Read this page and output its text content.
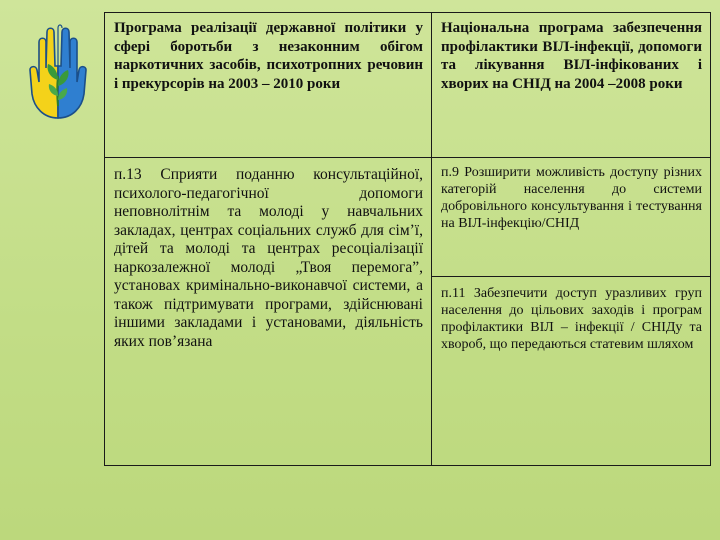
Програма реалізації державної політики у сфері боротьби з незаконним обігом наркотичних засобів, психотропних речовин і прекурсорів на 2003 – 2010 роки
Національна програма забезпечення профілактики ВІЛ-інфекції, допомоги та лікування ВІЛ-інфікованих і хворих на СНІД на 2004 –2008 роки
п.13 Сприяти поданню консультаційної, психолого-педагогічної допомоги неповнолітнім та молоді у навчальних закладах, центрах соціальних служб для сім’ї, дітей та молоді та центрах ресоціалізації наркозалежної молоді „Твоя перемога”, установах кримінально-виконавчої системи, а також підтримувати програми, здійснювані іншими закладами і установами, діяльність яких пов’язана
п.9 Розширити можливість доступу різних категорій населення до системи добровільного консультування і тестування на ВІЛ-інфекцію/СНІД
п.11 Забезпечити доступ уразливих груп населення до цільових заходів і програм профілактики ВІЛ – інфекції / СНІДу та хвороб, що передаються статевим шляхом
